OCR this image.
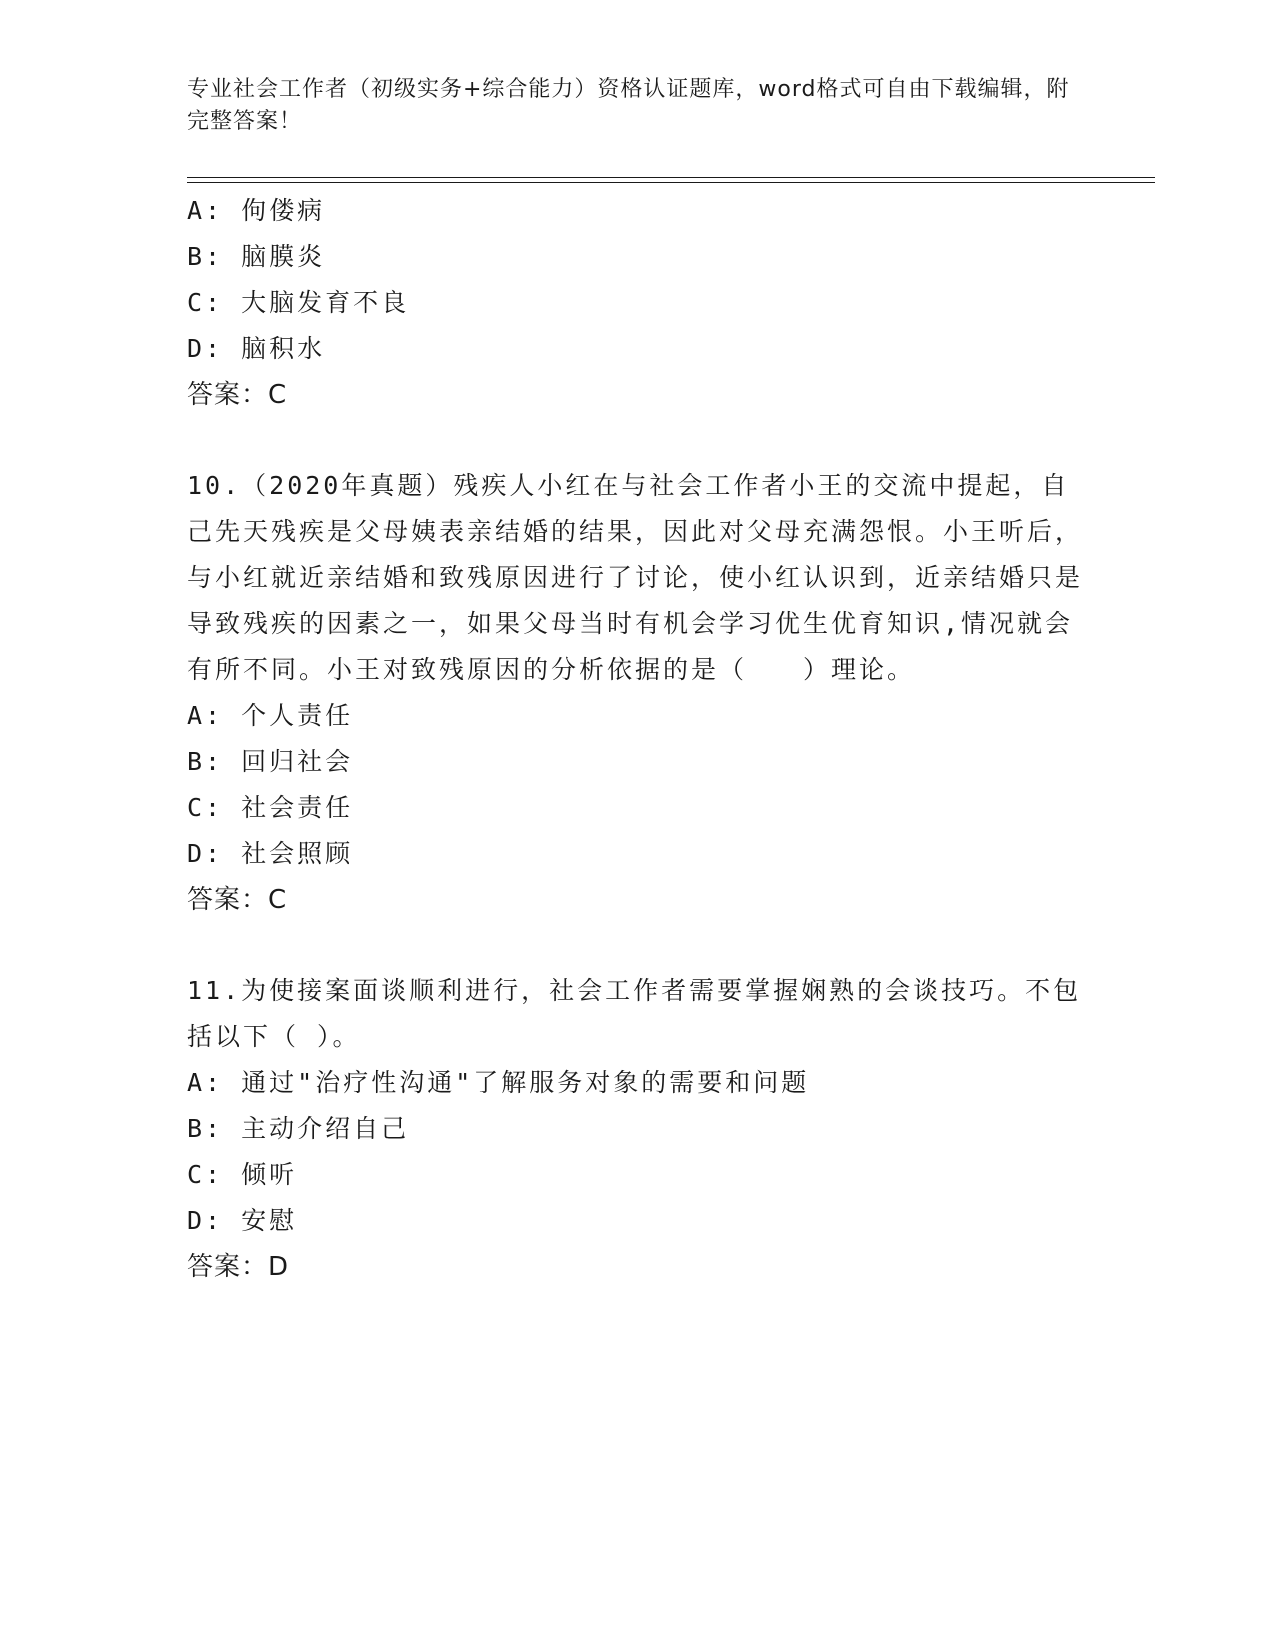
专业社会工作者（初级实务+综合能力）资格认证题库，word格式可自由下载编辑，附完整答案！
A: 佝偻病
B: 脑膜炎
C: 大脑发育不良
D: 脑积水
答案：C
10.（2020年真题）残疾人小红在与社会工作者小王的交流中提起，自己先天残疾是父母姨表亲结婚的结果，因此对父母充满怨恨。小王听后，与小红就近亲结婚和致残原因进行了讨论，使小红认识到，近亲结婚只是导致残疾的因素之一，如果父母当时有机会学习优生优育知识,情况就会有所不同。小王对致残原因的分析依据的是（　　）理论。
A: 个人责任
B: 回归社会
C: 社会责任
D: 社会照顾
答案：C
11.为使接案面谈顺利进行，社会工作者需要掌握娴熟的会谈技巧。不包括以下（ ）。
A: 通过"治疗性沟通"了解服务对象的需要和问题
B: 主动介绍自己
C: 倾听
D: 安慰
答案：D
